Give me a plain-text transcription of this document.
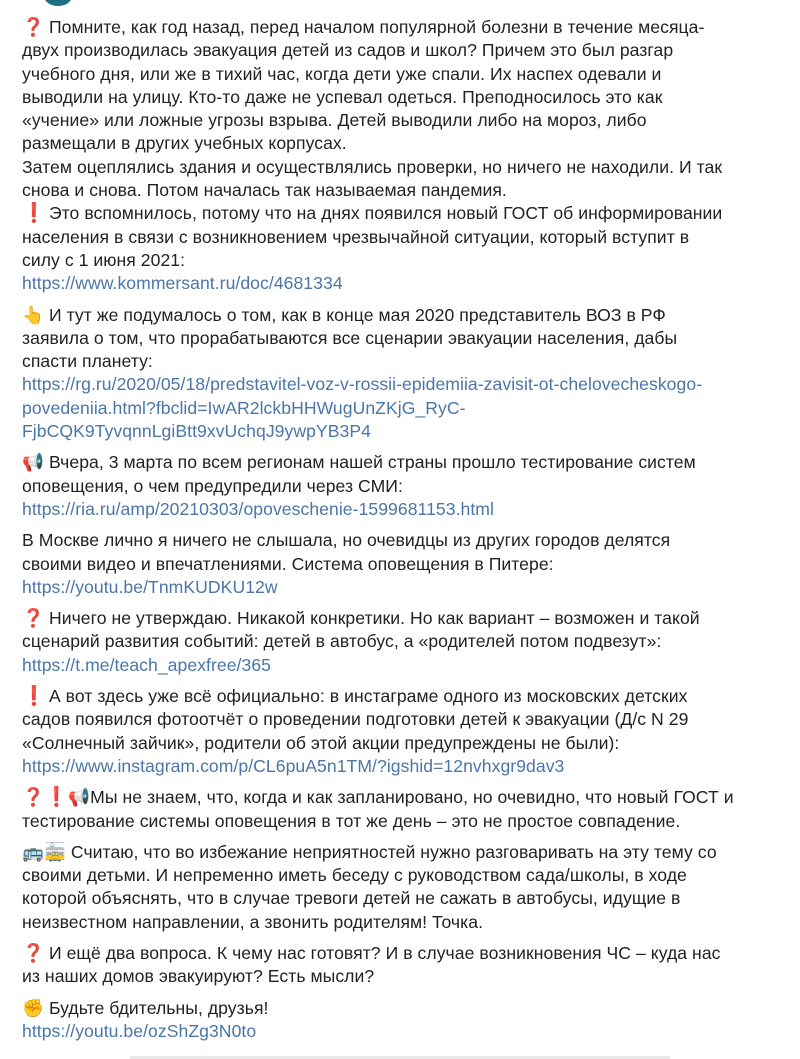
❓ Помните, как год назад, перед началом популярной болезни в течение месяца-
двух производилась эвакуация детей из садов и школ? Причем это был разгар
учебного дня, или же в тихий час, когда дети уже спали. Их наспех одевали и
выводили на улицу. Кто-то даже не успевал одеться. Преподносилось это как
«учение» или ложные угрозы взрыва. Детей выводили либо на мороз, либо
размещали в других учебных корпусах.
Затем оцеплялись здания и осуществлялись проверки, но ничего не находили. И так
снова и снова. Потом началась так называемая пандемия.
❗ Это вспомнилось, потому что на днях появился новый ГОСТ об информировании
населения в связи с возникновением чрезвычайной ситуации, который вступит в
силу с 1 июня 2021:
https://www.kommersant.ru/doc/4681334
👆 И тут же подумалось о том, как в конце мая 2020 представитель ВОЗ в РФ
заявила о том, что прорабатываются все сценарии эвакуации населения, дабы
спасти планету:
https://rg.ru/2020/05/18/predstavitel-voz-v-rossii-epidemiia-zavisit-ot-chelovecheskogo-
povedeniia.html?fbclid=IwAR2lckbHHWugUnZKjG_RyC-
FjbCQK9TyvqnnLgiBtt9xvUchqJ9ywpYB3P4
📢 Вчера, 3 марта по всем регионам нашей страны прошло тестирование систем
оповещения, о чем предупредили через СМИ:
https://ria.ru/amp/20210303/opoveschenie-1599681153.html
В Москве лично я ничего не слышала, но очевидцы из других городов делятся
своими видео и впечатлениями. Система оповещения в Питере:
https://youtu.be/TnmKUDKU12w
❓ Ничего не утверждаю. Никакой конкретики. Но как вариант – возможен и такой
сценарий развития событий: детей в автобус, а «родителей потом подвезут»:
https://t.me/teach_apexfree/365
❗ А вот здесь уже всё официально: в инстаграме одного из московских детских
садов появился фотоотчёт о проведении подготовки детей к эвакуации (Д/с N 29
«Солнечный зайчик», родители об этой акции предупреждены не были):
https://www.instagram.com/p/CL6puA5n1TM/?igshid=12nvhxgr9dav3
❓❗📢Мы не знаем, что, когда и как запланировано, но очевидно, что новый ГОСТ и
тестирование системы оповещения в тот же день – это не простое совпадение.
🚌🚋 Считаю, что во избежание неприятностей нужно разговаривать на эту тему со
своими детьми. И непременно иметь беседу с руководством сада/школы, в ходе
которой объяснять, что в случае тревоги детей не сажать в автобусы, идущие в
неизвестном направлении, а звонить родителям! Точка.
❓ И ещё два вопроса. К чему нас готовят? И в случае возникновения ЧС – куда нас
из наших домов эвакуируют? Есть мысли?
✊ Будьте бдительны, друзья!
https://youtu.be/ozShZg3N0to
